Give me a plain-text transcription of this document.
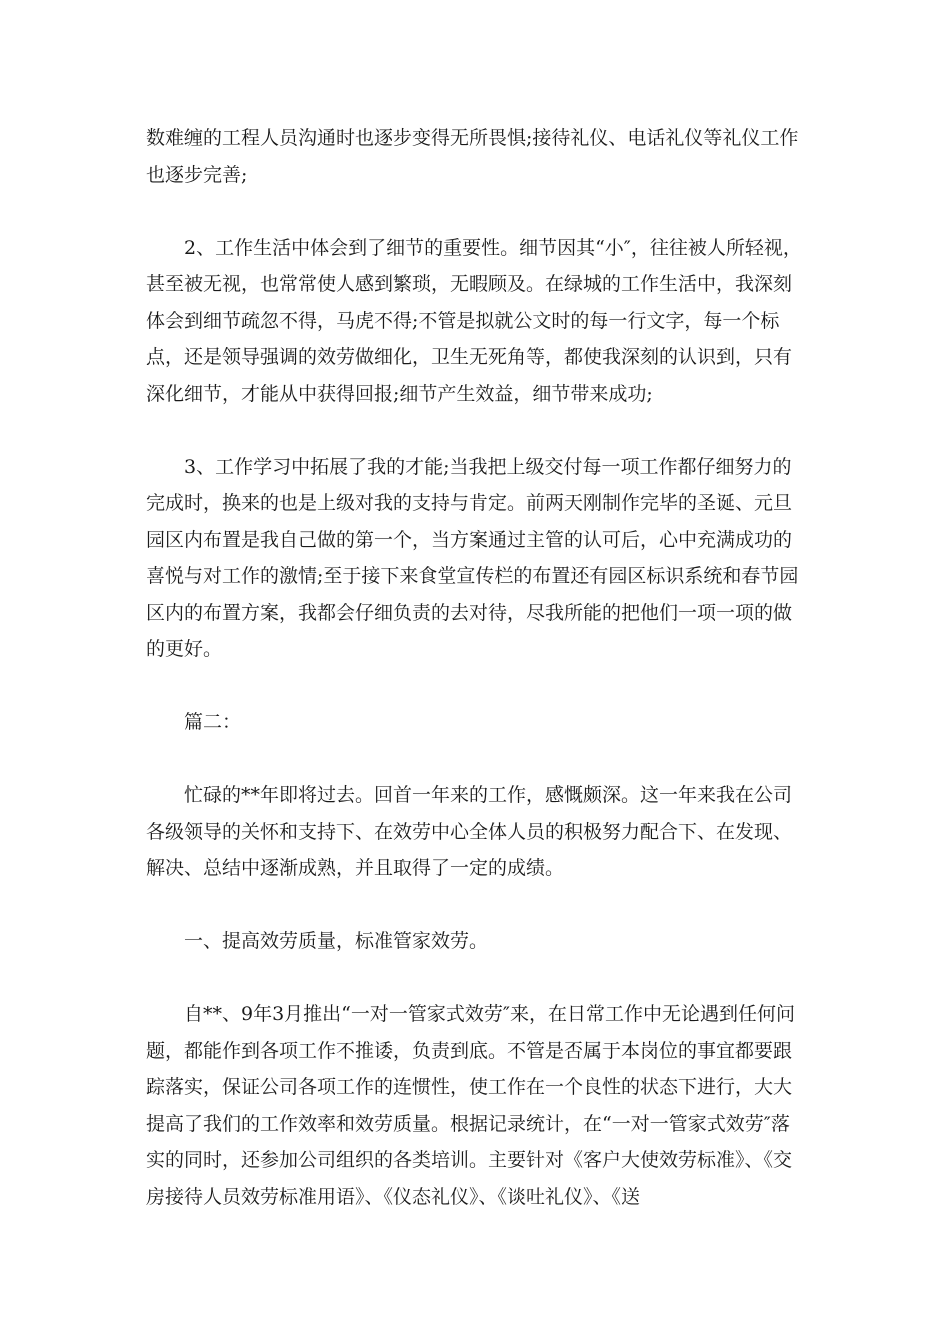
数难缠的工程人员沟通时也逐步变得无所畏惧;接待礼仪、电话礼仪等礼仪工作也逐步完善;

2、工作生活中体会到了细节的重要性。细节因其“小″，往往被人所轻视，甚至被无视，也常常使人感到繁琐，无暇顾及。在绿城的工作生活中，我深刻体会到细节疏忽不得，马虎不得;不管是拟就公文时的每一行文字，每一个标点，还是领导强调的效劳做细化，卫生无死角等，都使我深刻的认识到，只有深化细节，才能从中获得回报;细节产生效益，细节带来成功;

3、工作学习中拓展了我的才能;当我把上级交付每一项工作都仔细努力的完成时，换来的也是上级对我的支持与肯定。前两天刚制作完毕的圣诞、元旦园区内布置是我自己做的第一个，当方案通过主管的认可后，心中充满成功的喜悦与对工作的激情;至于接下来食堂宣传栏的布置还有园区标识系统和春节园区内的布置方案，我都会仔细负责的去对待，尽我所能的把他们一项一项的做的更好。

篇二：

忙碌的**年即将过去。回首一年来的工作，感慨颇深。这一年来我在公司各级领导的关怀和支持下、在效劳中心全体人员的积极努力配合下、在发现、解决、总结中逐渐成熟，并且取得了一定的成绩。

一、提高效劳质量，标准管家效劳。

自**、9年3月推出“一对一管家式效劳″来，在日常工作中无论遇到任何问题，都能作到各项工作不推诿，负责到底。不管是否属于本岗位的事宜都要跟踪落实，保证公司各项工作的连惯性，使工作在一个良性的状态下进行，大大提高了我们的工作效率和效劳质量。根据记录统计，在“一对一管家式效劳″落实的同时，还参加公司组织的各类培训。主要针对《客户大使效劳标准》、《交房接待人员效劳标准用语》、《仪态礼仪》、《谈吐礼仪》、《送
